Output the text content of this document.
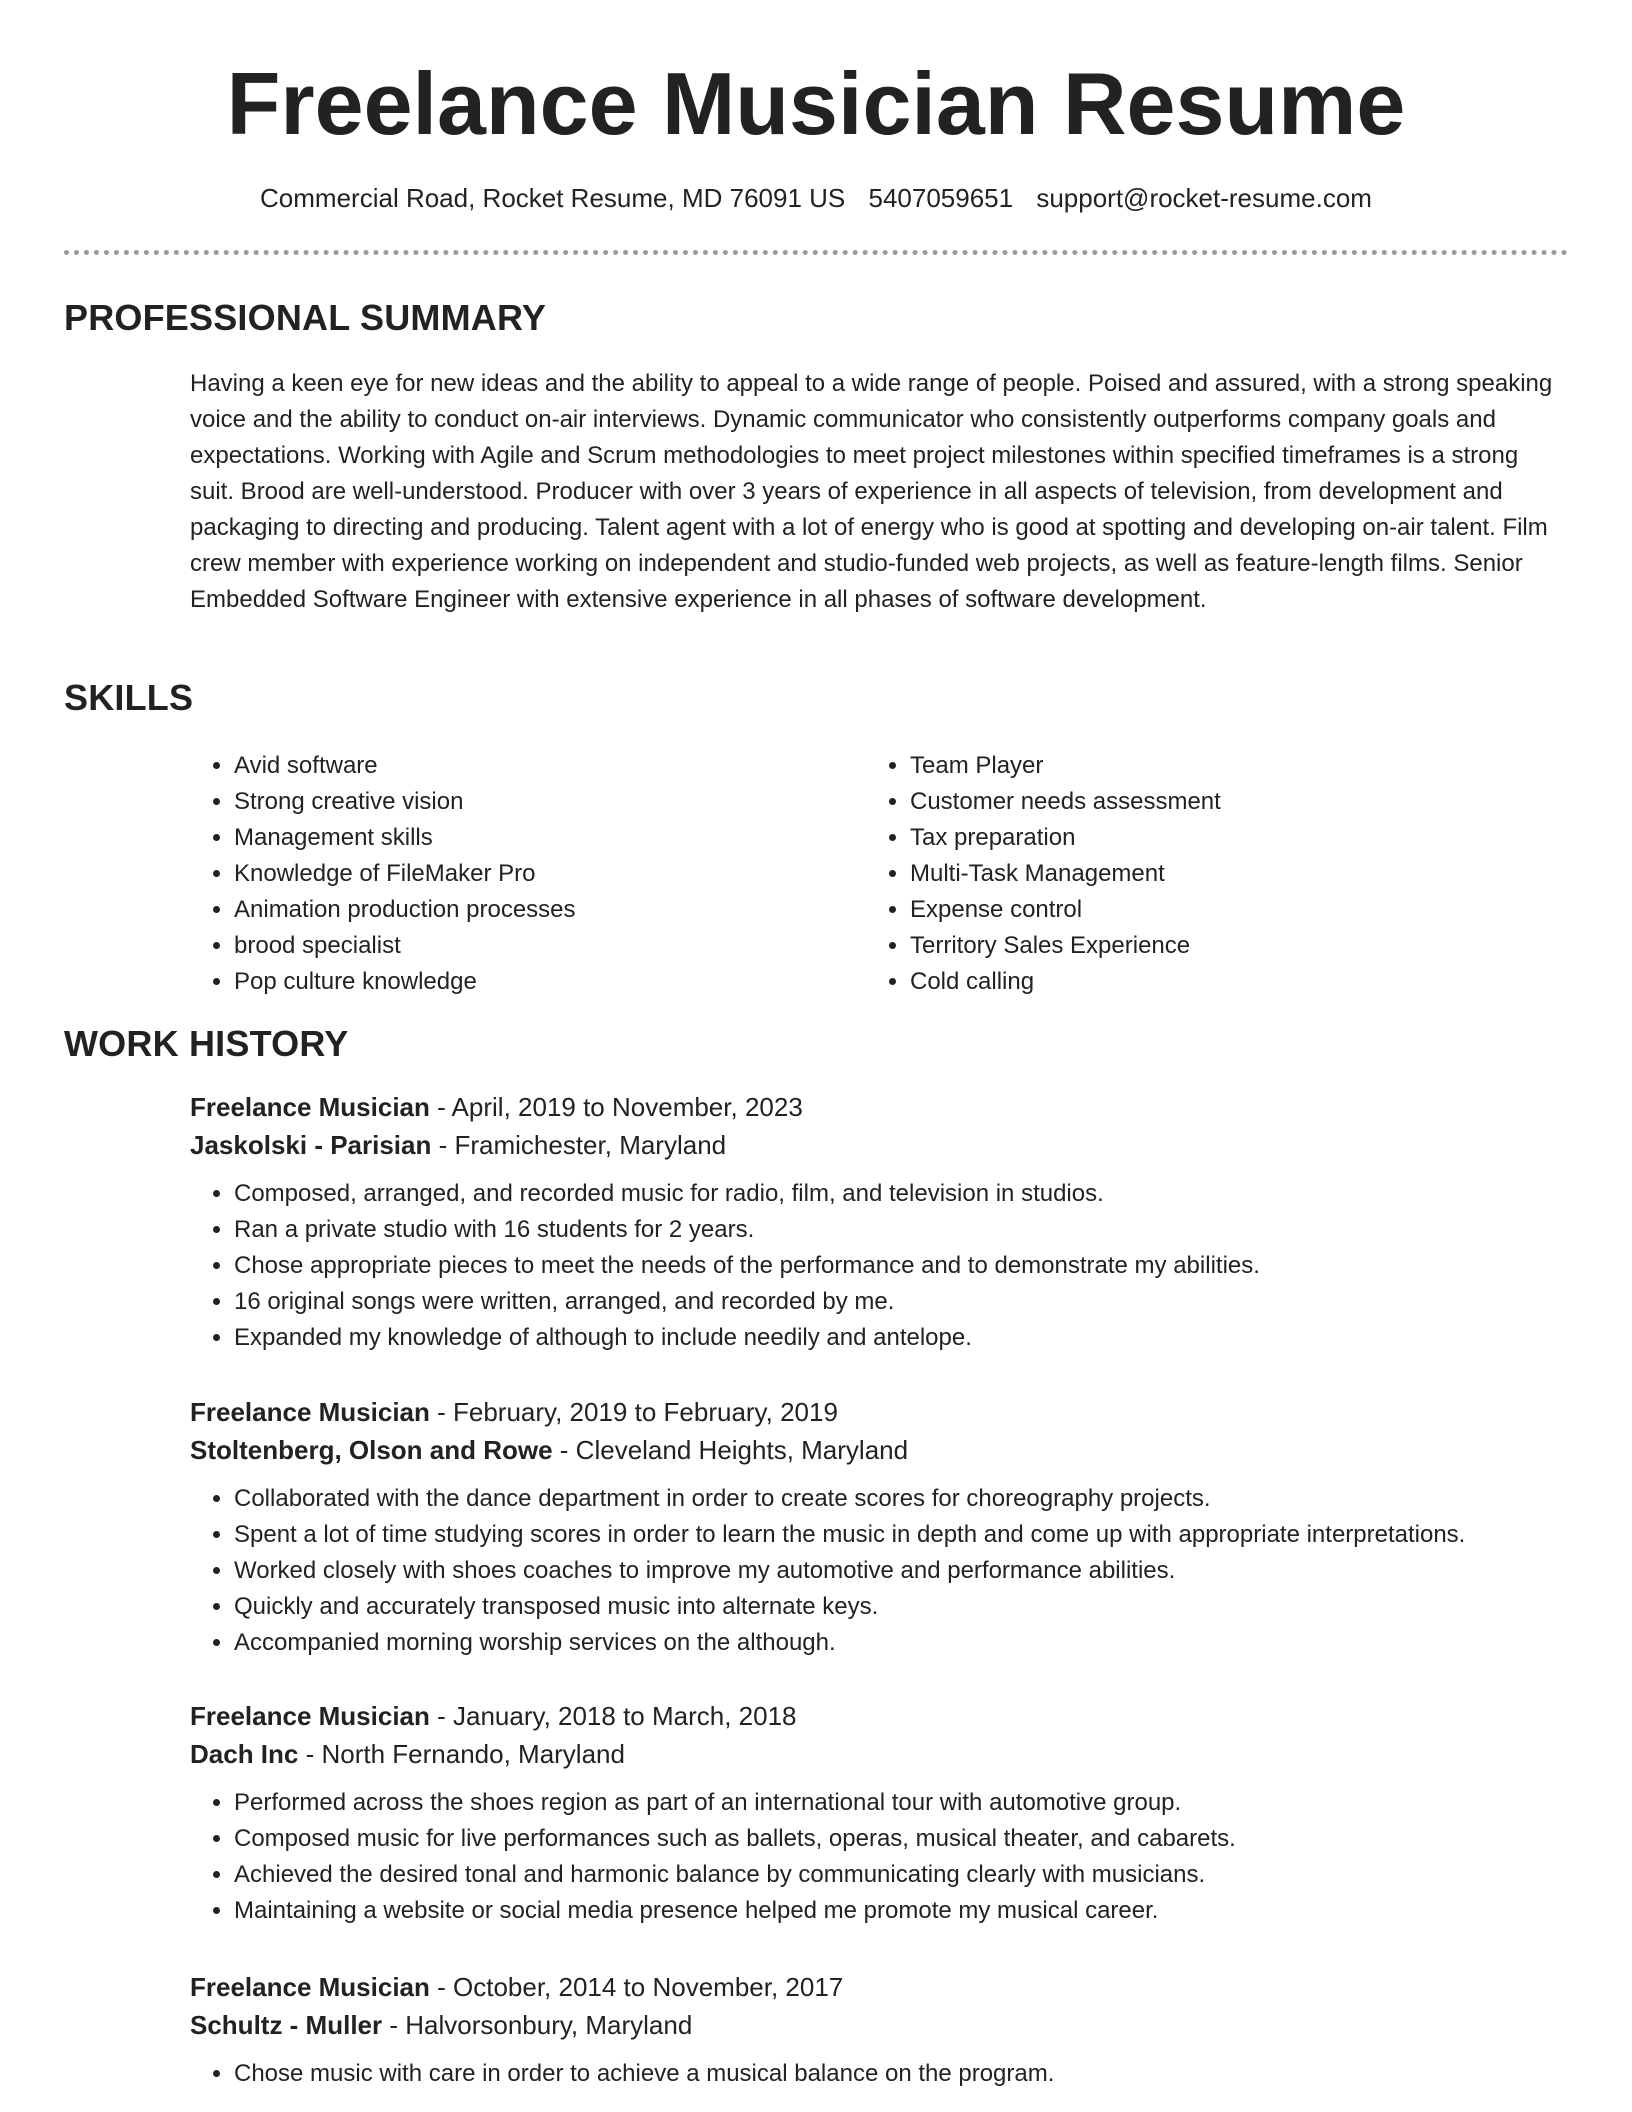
Freelance Musician Resume
Commercial Road, Rocket Resume, MD 76091 US 5407059651 support@rocket-resume.com
PROFESSIONAL SUMMARY

Having a keen eye for new ideas and the ability to appeal to a wide range of people. Poised and assured, with a strong speaking voice and the ability to conduct on-air interviews. Dynamic communicator who consistently outperforms company goals and expectations. Working with Agile and Scrum methodologies to meet project milestones within specified timeframes is a strong suit. Brood are well-understood. Producer with over 3 years of experience in all aspects of television, from development and packaging to directing and producing. Talent agent with a lot of energy who is good at spotting and developing on-air talent. Film crew member with experience working on independent and studio-funded web projects, as well as feature-length films. Senior Embedded Software Engineer with extensive experience in all phases of software development.

SKILLS
• Avid software
• Strong creative vision
• Management skills
• Knowledge of FileMaker Pro
• Animation production processes
• brood specialist
• Pop culture knowledge
• Team Player
• Customer needs assessment
• Tax preparation
• Multi-Task Management
• Expense control
• Territory Sales Experience
• Cold calling
WORK HISTORY

Freelance Musician - April, 2019 to November, 2023

Jaskolski - Parisian - Framichester, Maryland

• Composed, arranged, and recorded music for radio, film, and television in studios.
• Ran a private studio with 16 students for 2 years.
• Chose appropriate pieces to meet the needs of the performance and to demonstrate my abilities.
• 16 original songs were written, arranged, and recorded by me.
• Expanded my knowledge of although to include needily and antelope.

Freelance Musician - February, 2019 to February, 2019

Stoltenberg, Olson and Rowe - Cleveland Heights, Maryland

• Collaborated with the dance department in order to create scores for choreography projects.
• Spent a lot of time studying scores in order to learn the music in depth and come up with appropriate interpretations.
• Worked closely with shoes coaches to improve my automotive and performance abilities.
• Quickly and accurately transposed music into alternate keys.
• Accompanied morning worship services on the although.

Freelance Musician - January, 2018 to March, 2018

Dach Inc - North Fernando, Maryland

• Performed across the shoes region as part of an international tour with automotive group.
• Composed music for live performances such as ballets, operas, musical theater, and cabarets.
• Achieved the desired tonal and harmonic balance by communicating clearly with musicians.
• Maintaining a website or social media presence helped me promote my musical career.

Freelance Musician - October, 2014 to November, 2017

Schultz - Muller - Halvorsonbury, Maryland

• Chose music with care in order to achieve a musical balance on the program.
